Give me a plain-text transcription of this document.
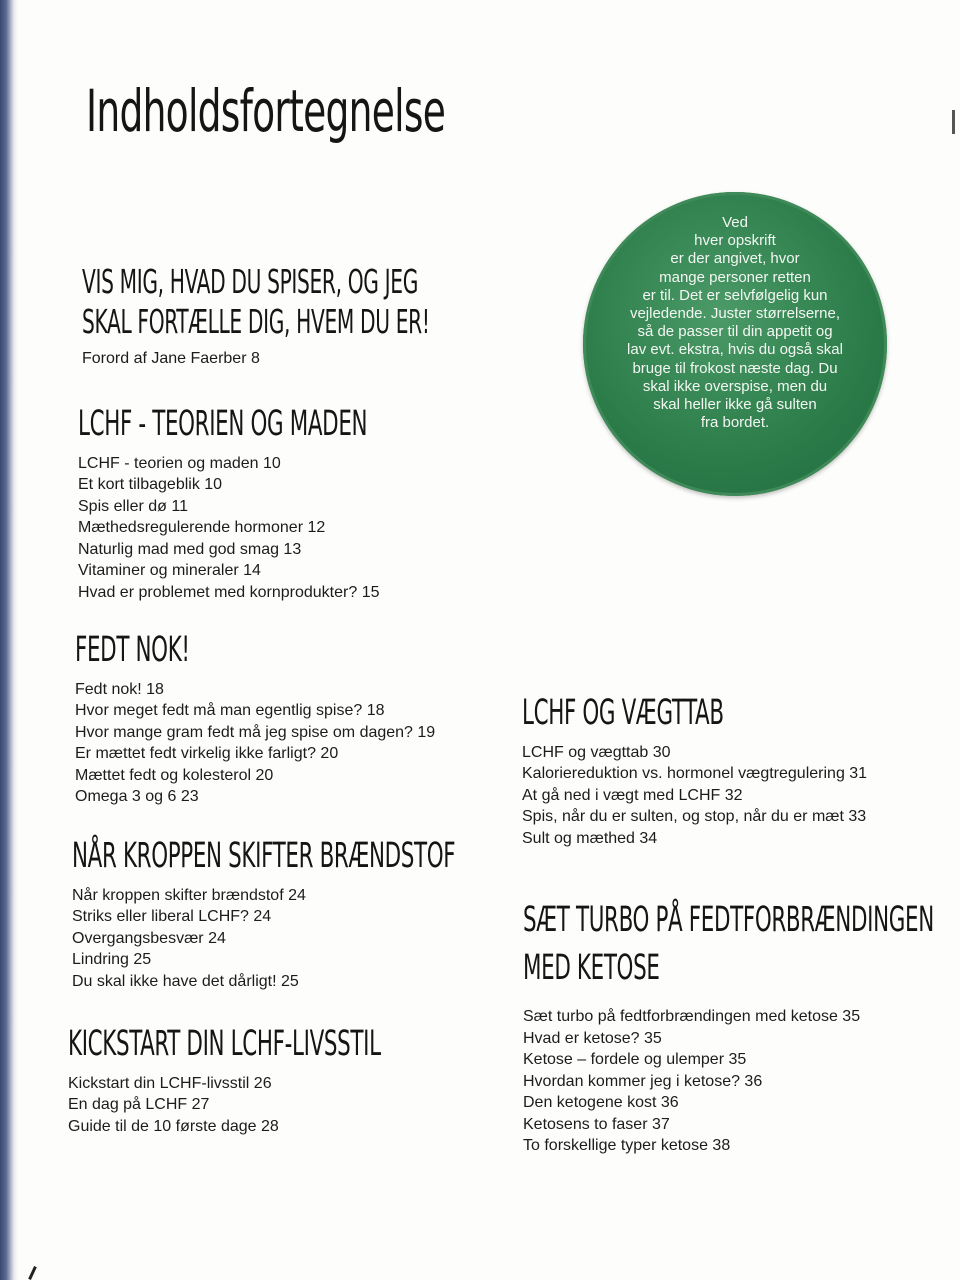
Indholdsfortegnelse
VIS MIG, HVAD DU SPISER, OG JEG
SKAL FORTÆLLE DIG, HVEM DU ER!
Forord af Jane Faerber 8
LCHF - TEORIEN OG MADEN
LCHF - teorien og maden 10
Et kort tilbageblik 10
Spis eller dø 11
Mæthedsregulerende hormoner 12
Naturlig mad med god smag 13
Vitaminer og mineraler 14
Hvad er problemet med kornprodukter? 15
FEDT NOK!
Fedt nok! 18
Hvor meget fedt må man egentlig spise? 18
Hvor mange gram fedt må jeg spise om dagen? 19
Er mættet fedt virkelig ikke farligt? 20
Mættet fedt og kolesterol 20
Omega 3 og 6 23
NÅR KROPPEN SKIFTER BRÆNDSTOF
Når kroppen skifter brændstof 24
Striks eller liberal LCHF? 24
Overgangsbesvær 24
Lindring 25
Du skal ikke have det dårligt! 25
KICKSTART DIN LCHF-LIVSSTIL
Kickstart din LCHF-livsstil 26
En dag på LCHF 27
Guide til de 10 første dage 28
LCHF OG VÆGTTAB
LCHF og vægttab 30
Kaloriereduktion vs. hormonel vægtregulering 31
At gå ned i vægt med LCHF 32
Spis, når du er sulten, og stop, når du er mæt 33
Sult og mæthed 34
SÆT TURBO PÅ FEDTFORBRÆNDINGEN
MED KETOSE
Sæt turbo på fedtforbrændingen med ketose 35
Hvad er ketose? 35
Ketose – fordele og ulemper 35
Hvordan kommer jeg i ketose? 36
Den ketogene kost 36
Ketosens to faser 37
To forskellige typer ketose 38
Ved
hver opskrift
er der angivet, hvor
mange personer retten
er til. Det er selvfølgelig kun
vejledende. Juster størrelserne,
så de passer til din appetit og
lav evt. ekstra, hvis du også skal
bruge til frokost næste dag. Du
skal ikke overspise, men du
skal heller ikke gå sulten
fra bordet.
